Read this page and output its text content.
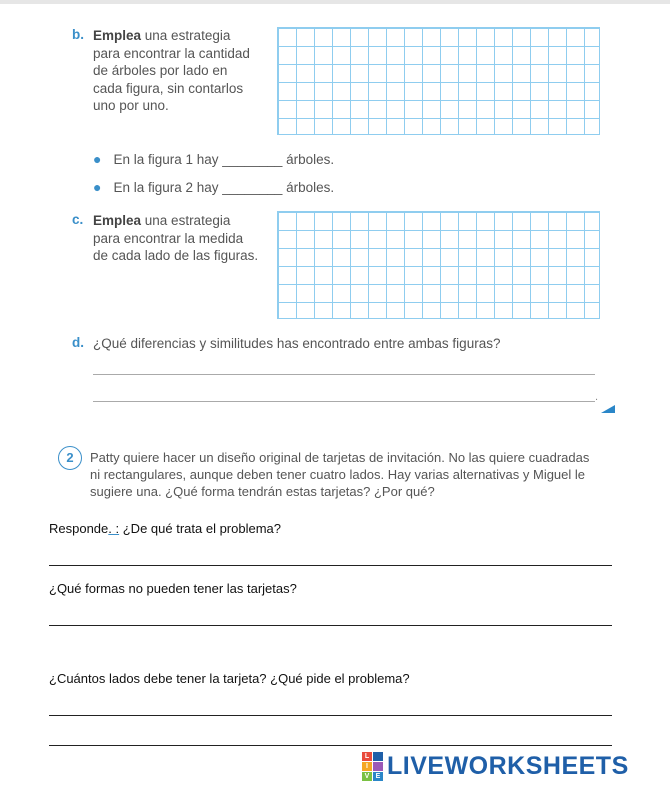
b. Emplea una estrategia
para encontrar la cantidad
de árboles por lado en
cada figura, sin contarlos
uno por uno.
● En la figura 1 hay ________ árboles.
● En la figura 2 hay ________ árboles.
c. Emplea una estrategia
para encontrar la medida
de cada lado de las figuras.
d. ¿Qué diferencias y similitudes has encontrado entre ambas figuras?
.
2	Patty quiere hacer un diseño original de tarjetas de invitación. No las quiere cuadradas
ni rectangulares, aunque deben tener cuatro lados. Hay varias alternativas y Miguel le
sugiere una. ¿Qué forma tendrán estas tarjetas? ¿Por qué?
Responde. : ¿De qué trata el problema?
¿Qué formas no pueden tener las tarjetas?
¿Cuántos lados debe tener la tarjeta? ¿Qué pide el problema?
L
I
V E LIVEWORKSHEETS
